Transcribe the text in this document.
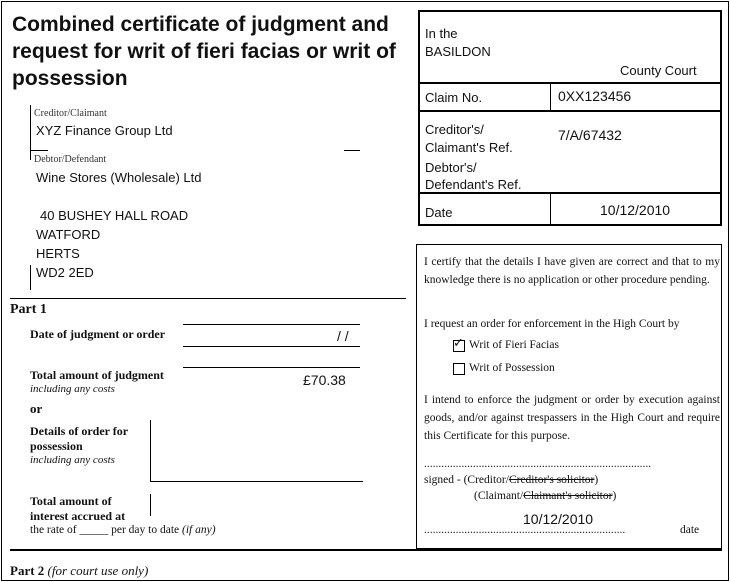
Combined certificate of judgment and request for writ of fieri facias or writ of possession
Creditor/Claimant
XYZ Finance Group Ltd
Debtor/Defendant
Wine Stores (Wholesale) Ltd
40 BUSHEY HALL ROAD
WATFORD
HERTS
WD2 2ED
Part 1
Date of judgment or order	/ /
Total amount of judgment
including any costs
£70.38
or
Details of order for
possession
including any costs
Total amount of
interest accrued at
the rate of _____ per day to date (if any)
Part 2 (for court use only)
In the
BASILDON
County Court
Claim No.	0XX123456
Creditor's/
Claimant's Ref.
7/A/67432
Debtor's/
Defendant's Ref.
Date	10/12/2010
I certify that the details I have given are correct and that to my knowledge there is no application or other procedure pending.
I request an order for enforcement in the High Court by
✓ Writ of Fieri Facias
Writ of Possession
I intend to enforce the judgment or order by execution against goods, and/or against trespassers in the High Court and require this Certificate for this purpose.
...............................................................................
signed - (Creditor/Creditor's solicitor)
(Claimant/Claimant's solicitor)
10/12/2010
......................................................................	date
